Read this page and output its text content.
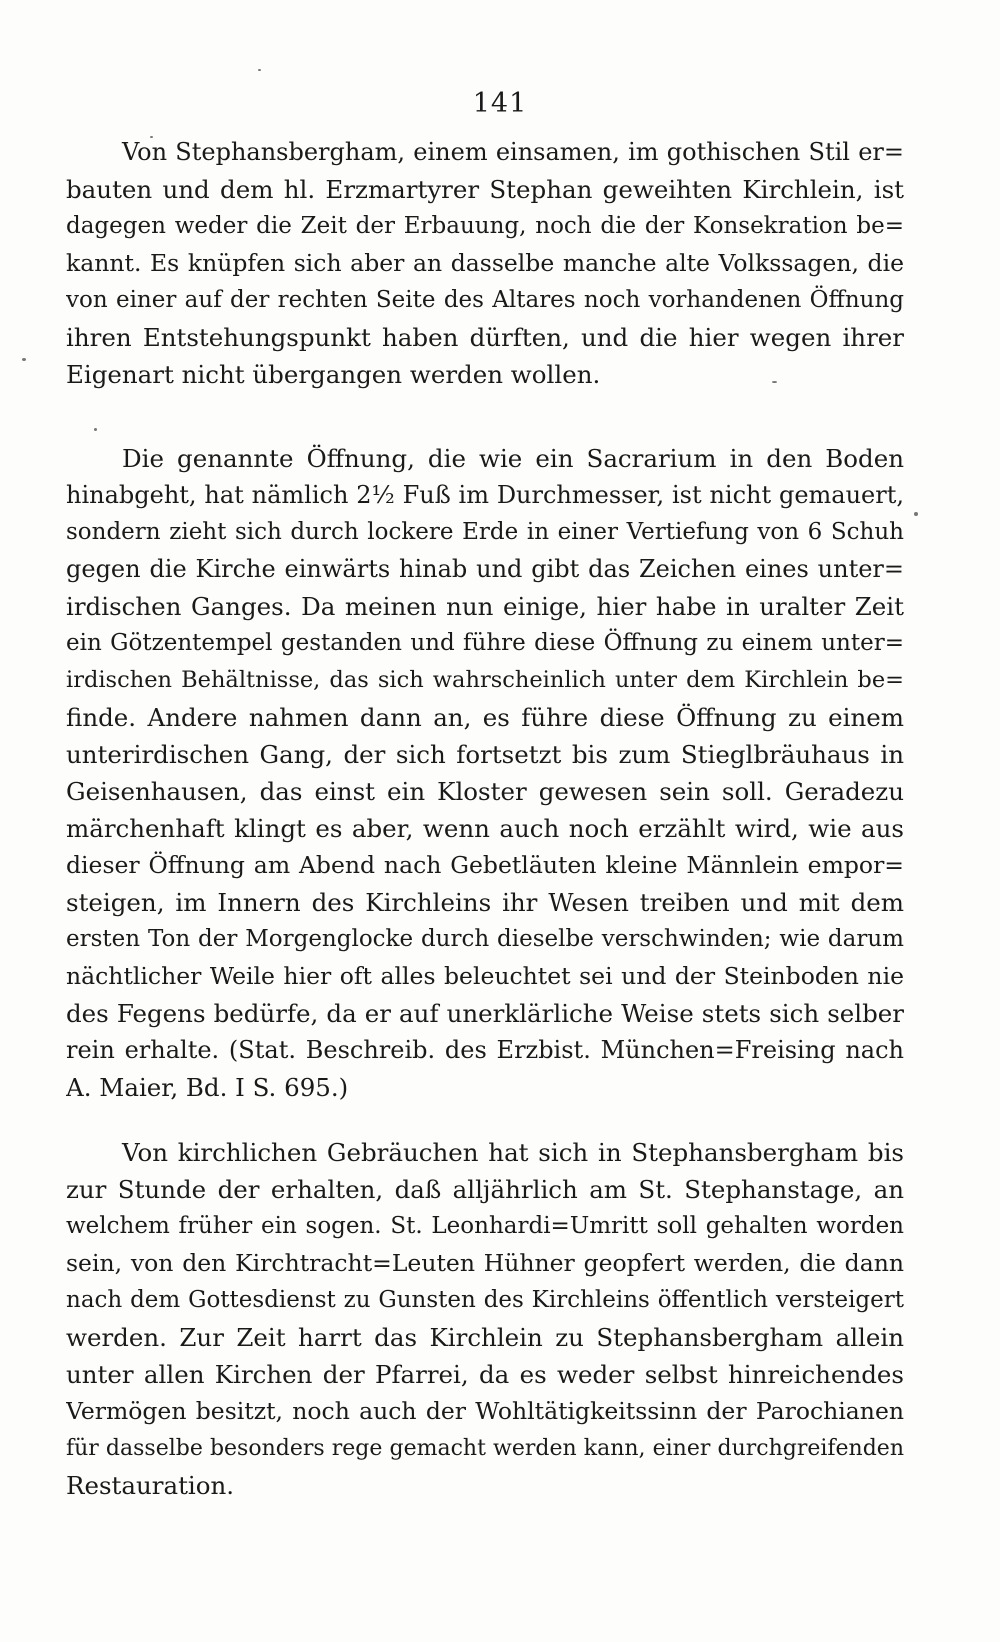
141
Von Stephansbergham, einem einsamen, im gothischen Stil er=
bauten und dem hl. Erzmartyrer Stephan geweihten Kirchlein, ist
dagegen weder die Zeit der Erbauung, noch die der Konsekration be=
kannt. Es knüpfen sich aber an dasselbe manche alte Volkssagen, die
von einer auf der rechten Seite des Altares noch vorhandenen Öffnung
ihren Entstehungspunkt haben dürften, und die hier wegen ihrer
Eigenart nicht übergangen werden wollen.
Die genannte Öffnung, die wie ein Sacrarium in den Boden
hinabgeht, hat nämlich 2½ Fuß im Durchmesser, ist nicht gemauert,
sondern zieht sich durch lockere Erde in einer Vertiefung von 6 Schuh
gegen die Kirche einwärts hinab und gibt das Zeichen eines unter=
irdischen Ganges. Da meinen nun einige, hier habe in uralter Zeit
ein Götzentempel gestanden und führe diese Öffnung zu einem unter=
irdischen Behältnisse, das sich wahrscheinlich unter dem Kirchlein be=
finde. Andere nahmen dann an, es führe diese Öffnung zu einem
unterirdischen Gang, der sich fortsetzt bis zum Stieglbräuhaus in
Geisenhausen, das einst ein Kloster gewesen sein soll. Geradezu
märchenhaft klingt es aber, wenn auch noch erzählt wird, wie aus
dieser Öffnung am Abend nach Gebetläuten kleine Männlein empor=
steigen, im Innern des Kirchleins ihr Wesen treiben und mit dem
ersten Ton der Morgenglocke durch dieselbe verschwinden; wie darum
nächtlicher Weile hier oft alles beleuchtet sei und der Steinboden nie
des Fegens bedürfe, da er auf unerklärliche Weise stets sich selber
rein erhalte. (Stat. Beschreib. des Erzbist. München=Freising nach
A. Maier, Bd. I S. 695.)
Von kirchlichen Gebräuchen hat sich in Stephansbergham bis
zur Stunde der erhalten, daß alljährlich am St. Stephanstage, an
welchem früher ein sogen. St. Leonhardi=Umritt soll gehalten worden
sein, von den Kirchtracht=Leuten Hühner geopfert werden, die dann
nach dem Gottesdienst zu Gunsten des Kirchleins öffentlich versteigert
werden. Zur Zeit harrt das Kirchlein zu Stephansbergham allein
unter allen Kirchen der Pfarrei, da es weder selbst hinreichendes
Vermögen besitzt, noch auch der Wohltätigkeitssinn der Parochianen
für dasselbe besonders rege gemacht werden kann, einer durchgreifenden
Restauration.
